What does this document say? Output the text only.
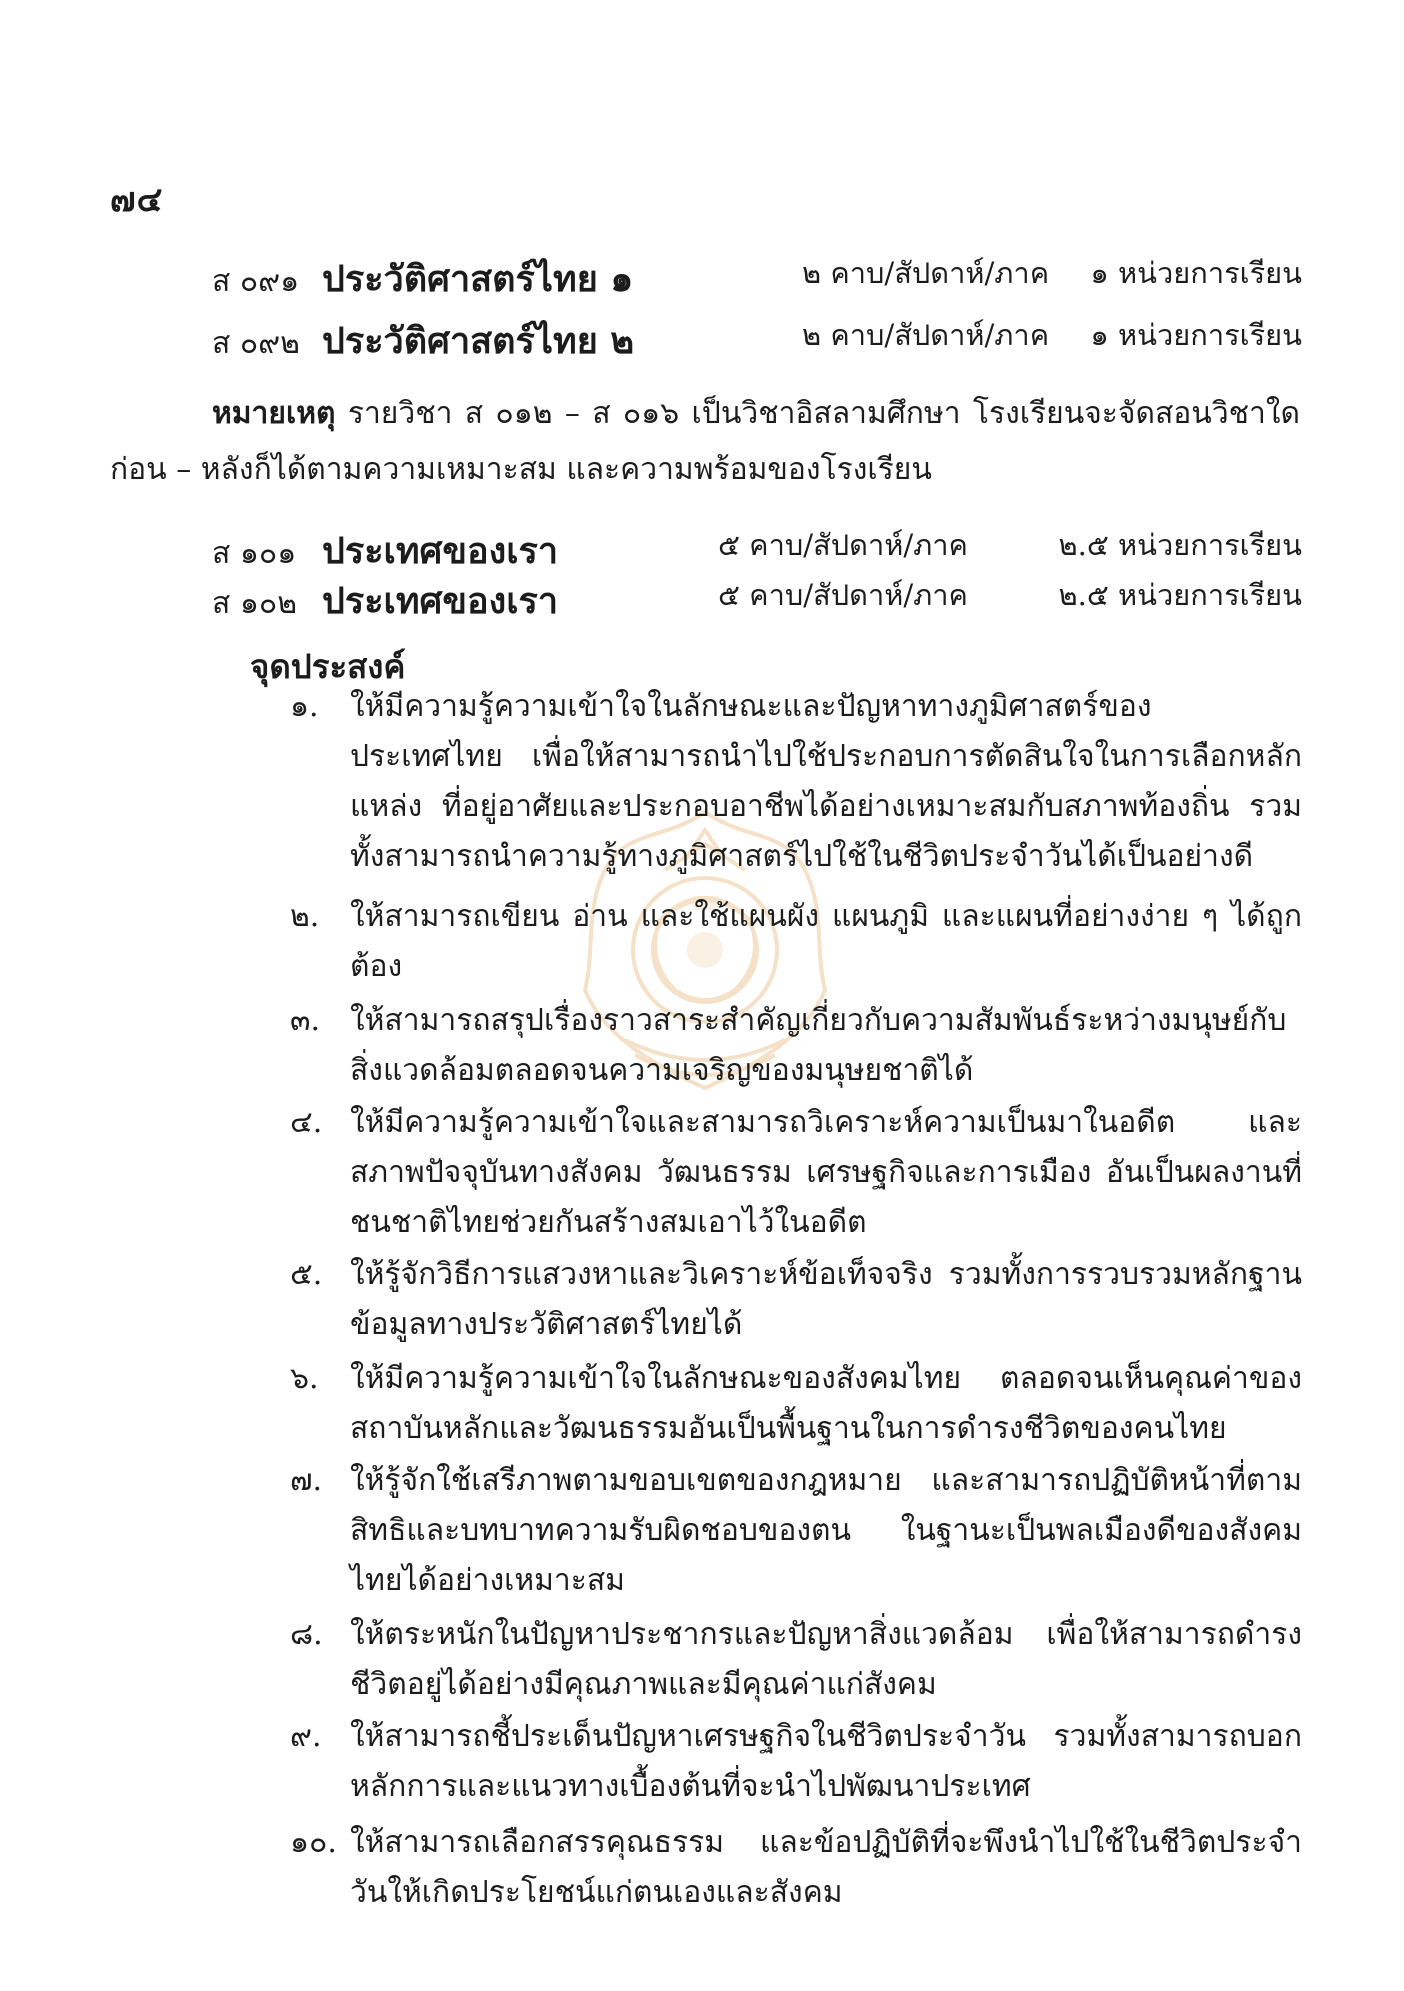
๗๔
ส ๐๙๑ ประวัติศาสตร์ไทย ๑	๒ คาบ/สัปดาห์/ภาค ๑ หน่วยการเรียน
ส ๐๙๒ ประวัติศาสตร์ไทย ๒	๒ คาบ/สัปดาห์/ภาค ๑ หน่วยการเรียน
หมายเหตุ รายวิชา ส ๐๑๒ – ส ๐๑๖ เป็นวิชาอิสลามศึกษา โรงเรียนจะจัดสอนวิชาใด
ก่อน – หลังก็ได้ตามความเหมาะสม และความพร้อมของโรงเรียน
ส ๑๐๑ ประเทศของเรา	๕ คาบ/สัปดาห์/ภาค	๒.๕ หน่วยการเรียน
ส ๑๐๒ ประเทศของเรา	๕ คาบ/สัปดาห์/ภาค	๒.๕ หน่วยการเรียน
จุดประสงค์
๑.	ให้มีความรู้ความเข้าใจในลักษณะและปัญหาทางภูมิศาสตร์ของประเทศไทย เพื่อให้สามารถนำไปใช้ประกอบการตัดสินใจในการเลือกหลักแหล่ง ที่อยู่อาศัยและประกอบอาชีพได้อย่างเหมาะสมกับสภาพท้องถิ่น รวมทั้งสามารถนำความรู้ทางภูมิศาสตร์ไปใช้ในชีวิตประจำวันได้เป็นอย่างดี
๒.	ให้สามารถเขียน อ่าน และใช้แผนผัง แผนภูมิ และแผนที่อย่างง่าย ๆ ได้ถูกต้อง
๓. ให้สามารถสรุปเรื่องราวสาระสำคัญเกี่ยวกับความสัมพันธ์ระหว่างมนุษย์กับสิ่งแวดล้อมตลอดจนความเจริญของมนุษยชาติได้
๔. ให้มีความรู้ความเข้าใจและสามารถวิเคราะห์ความเป็นมาในอดีต และสภาพปัจจุบันทางสังคม วัฒนธรรม เศรษฐกิจและการเมือง อันเป็นผลงานที่ชนชาติไทยช่วยกันสร้างสมเอาไว้ในอดีต
๕. ให้รู้จักวิธีการแสวงหาและวิเคราะห์ข้อเท็จจริง รวมทั้งการรวบรวมหลักฐานข้อมูลทางประวัติศาสตร์ไทยได้
๖.	ให้มีความรู้ความเข้าใจในลักษณะของสังคมไทย ตลอดจนเห็นคุณค่าของสถาบันหลักและวัฒนธรรมอันเป็นพื้นฐานในการดำรงชีวิตของคนไทย
๗. ให้รู้จักใช้เสรีภาพตามขอบเขตของกฎหมาย และสามารถปฏิบัติหน้าที่ตามสิทธิและบทบาทความรับผิดชอบของตน ในฐานะเป็นพลเมืองดีของสังคมไทยได้อย่างเหมาะสม
๘. ให้ตระหนักในปัญหาประชากรและปัญหาสิ่งแวดล้อม เพื่อให้สามารถดำรงชีวิตอยู่ได้อย่างมีคุณภาพและมีคุณค่าแก่สังคม
๙. ให้สามารถชี้ประเด็นปัญหาเศรษฐกิจในชีวิตประจำวัน รวมทั้งสามารถบอกหลักการและแนวทางเบื้องต้นที่จะนำไปพัฒนาประเทศ
๑๐. ให้สามารถเลือกสรรคุณธรรม และข้อปฏิบัติที่จะพึงนำไปใช้ในชีวิตประจำวันให้เกิดประโยชน์แก่ตนเองและสังคม
